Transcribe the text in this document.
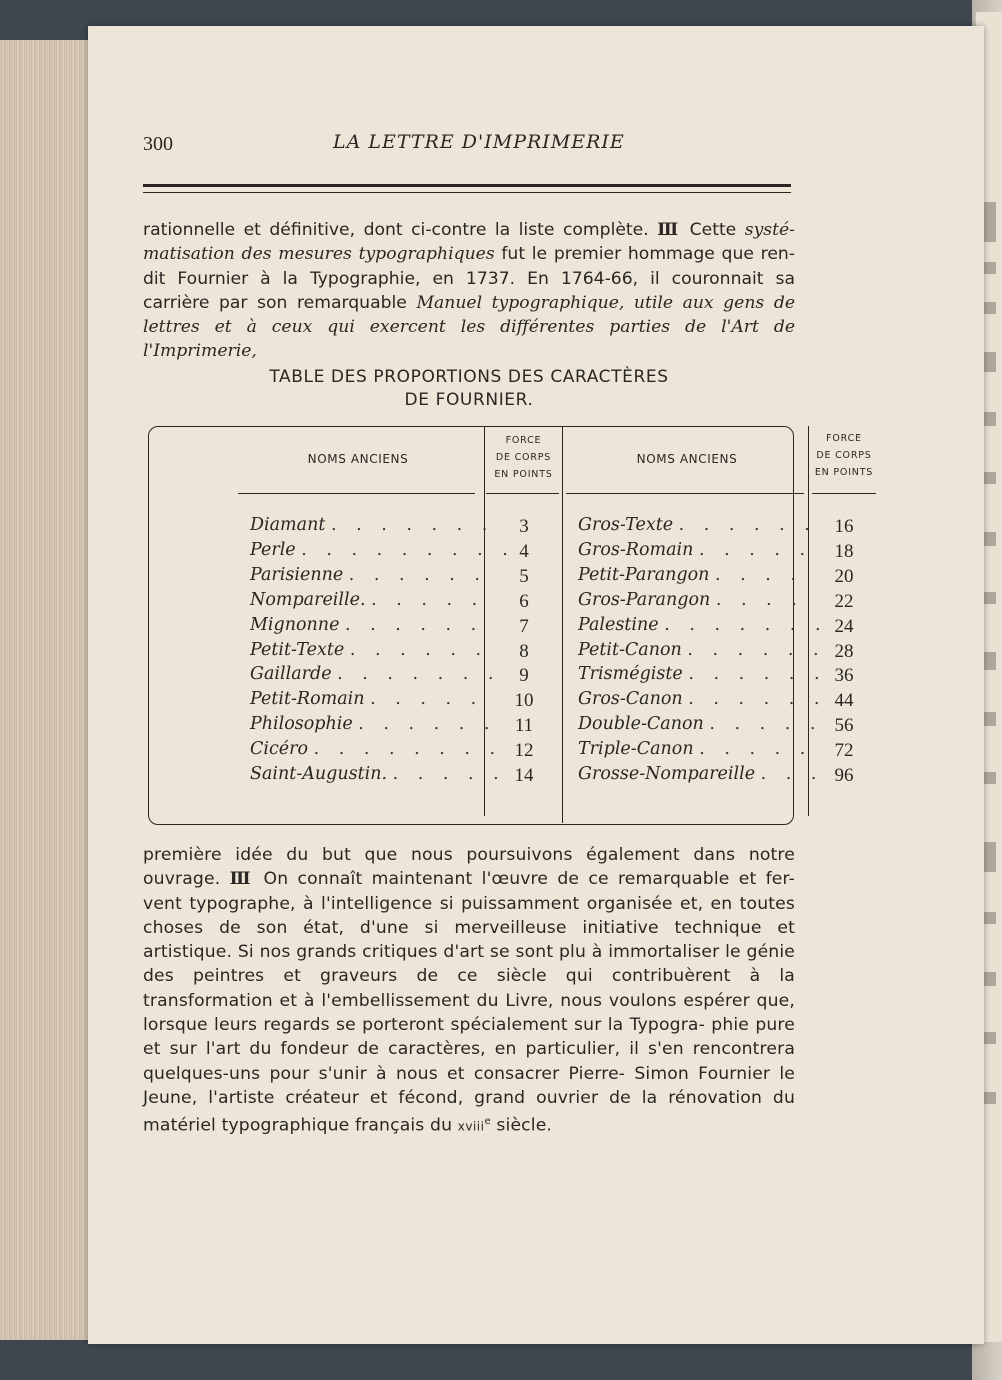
300	LA LETTRE D'IMPRIMERIE
rationnelle et définitive, dont ci-contre la liste complète. Ⅲ Cette systé- matisation des mesures typographiques fut le premier hommage que ren- dit Fournier à la Typographie, en 1737. En 1764-66, il couronnait sa carrière par son remarquable Manuel typographique, utile aux gens de lettres et à ceux qui exercent les différentes parties de l'Art de l'Imprimerie,
TABLE DES PROPORTIONS DES CARACTÈRES
DE FOURNIER.
NOMS ANCIENS
FORCE
DE CORPS
EN POINTS
NOMS ANCIENS
FORCE
DE CORPS
EN POINTS
Diamant . . . . . . .	3
Perle . . . . . . . . . 4
Parisienne . . . . . .	5
Nompareille. . . . . .	6
Mignonne . . . . . .	7
Petit-Texte . . . . . .	8
Gaillarde . . . . . . . 9
Petit-Romain . . . . .	10
Philosophie . . . . . . 11
Cicéro . . . . . . . . 12
Saint-Augustin. . . . . . 14
Gros-Texte . . . . . . 16
Gros-Romain . . . . .	18
Petit-Parangon . . . .	20
Gros-Parangon . . . .	22
Palestine . . . . . . . 24
Petit-Canon . . . . . . 28
Trismégiste . . . . . . 36
Gros-Canon . . . . . . 44
Double-Canon . . . . . 56
Triple-Canon . . . . .	72
Grosse-Nompareille . . . 96
première idée du but que nous poursuivons également dans notre ouvrage. Ⅲ On connaît maintenant l'œuvre de ce remarquable et fer- vent typographe, à l'intelligence si puissamment organisée et, en toutes choses de son état, d'une si merveilleuse initiative technique et artistique. Si nos grands critiques d'art se sont plu à immortaliser le génie des peintres et graveurs de ce siècle qui contribuèrent à la transformation et à l'embellissement du Livre, nous voulons espérer que, lorsque leurs regards se porteront spécialement sur la Typogra- phie pure et sur l'art du fondeur de caractères, en particulier, il s'en rencontrera quelques-uns pour s'unir à nous et consacrer Pierre- Simon Fournier le Jeune, l'artiste créateur et fécond, grand ouvrier de la rénovation du matériel typographique français du xviii$^e$ siècle.
